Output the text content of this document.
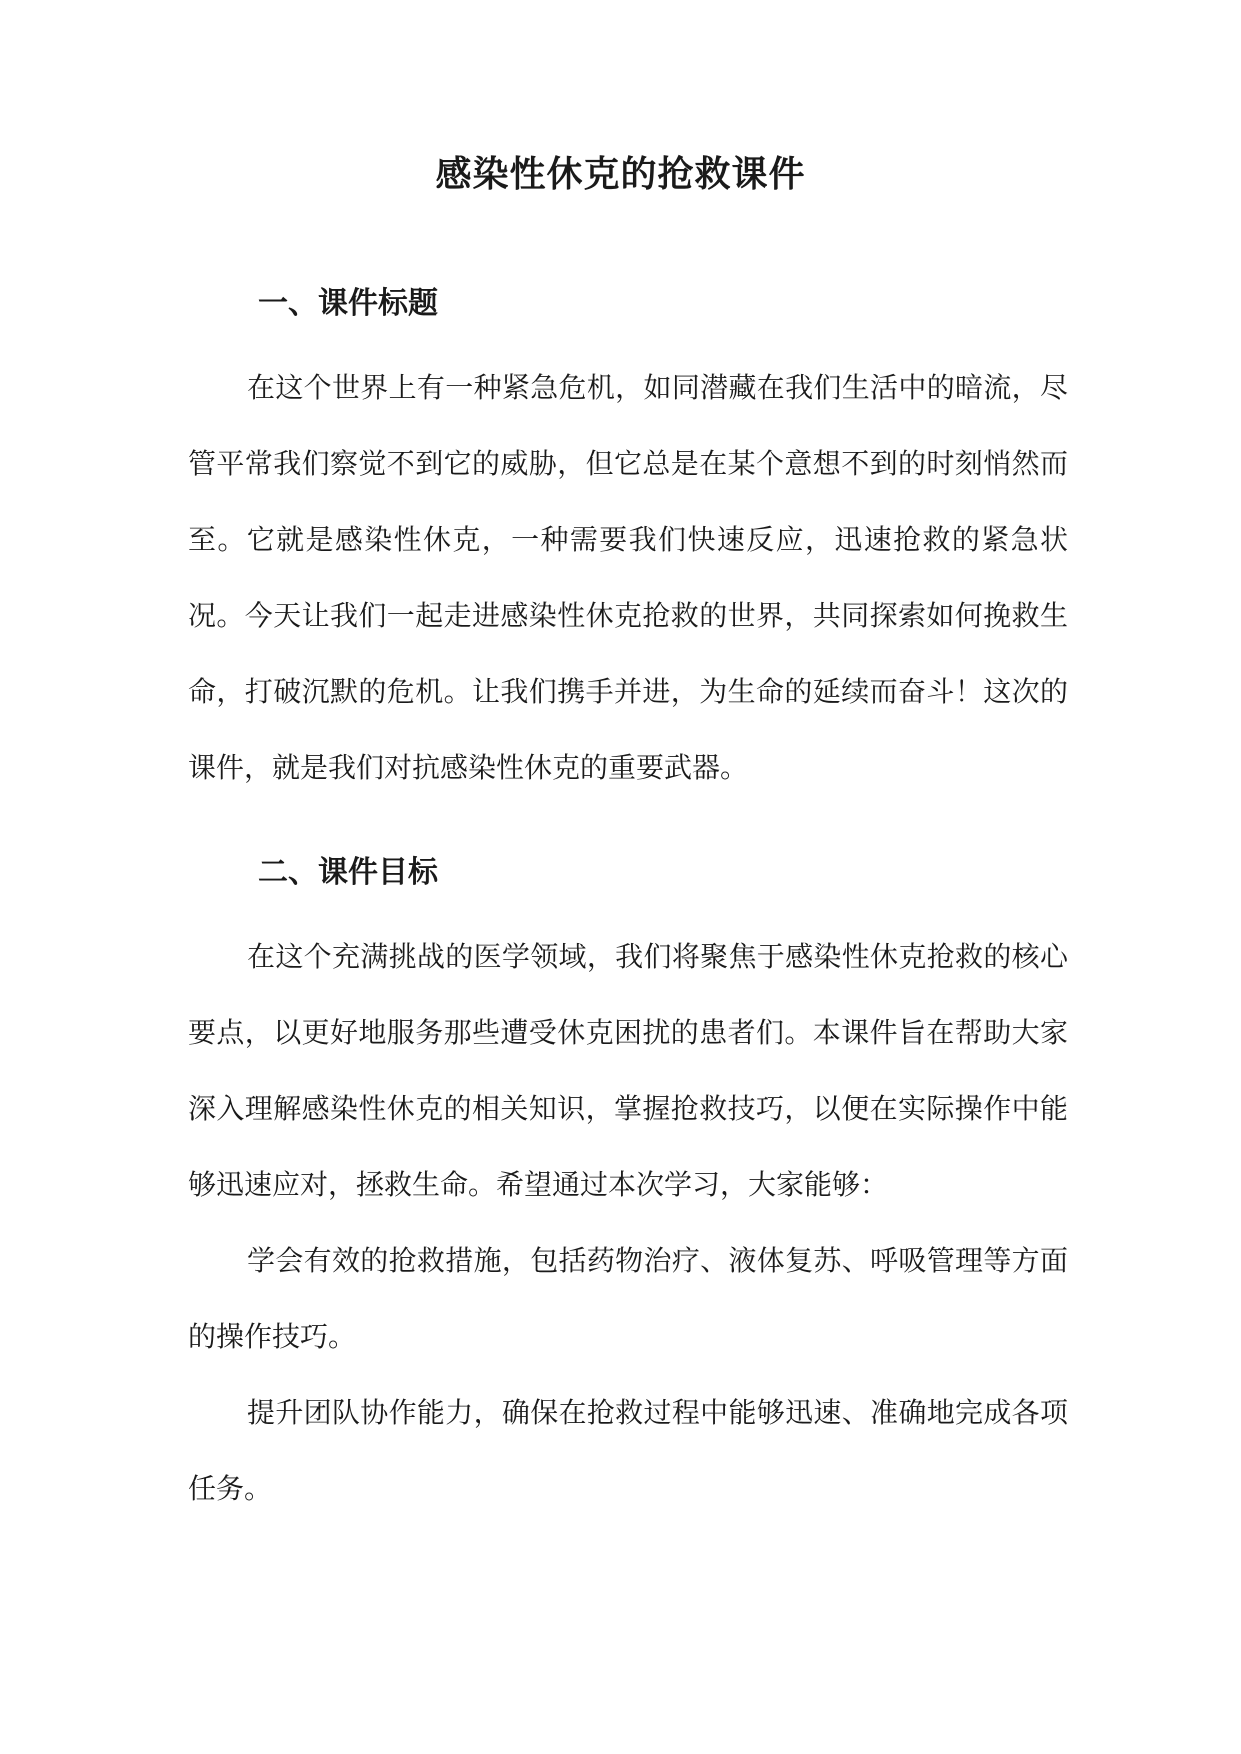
感染性休克的抢救课件
一、课件标题

在这个世界上有一种紧急危机，如同潜藏在我们生活中的暗流，尽管平常我们察觉不到它的威胁，但它总是在某个意想不到的时刻悄然而至。它就是感染性休克，一种需要我们快速反应，迅速抢救的紧急状况。今天让我们一起走进感染性休克抢救的世界，共同探索如何挽救生命，打破沉默的危机。让我们携手并进，为生命的延续而奋斗！这次的课件，就是我们对抗感染性休克的重要武器。

二、课件目标

在这个充满挑战的医学领域，我们将聚焦于感染性休克抢救的核心要点，以更好地服务那些遭受休克困扰的患者们。本课件旨在帮助大家深入理解感染性休克的相关知识，掌握抢救技巧，以便在实际操作中能够迅速应对，拯救生命。希望通过本次学习，大家能够：

学会有效的抢救措施，包括药物治疗、液体复苏、呼吸管理等方面的操作技巧。

提升团队协作能力，确保在抢救过程中能够迅速、准确地完成各项任务。
